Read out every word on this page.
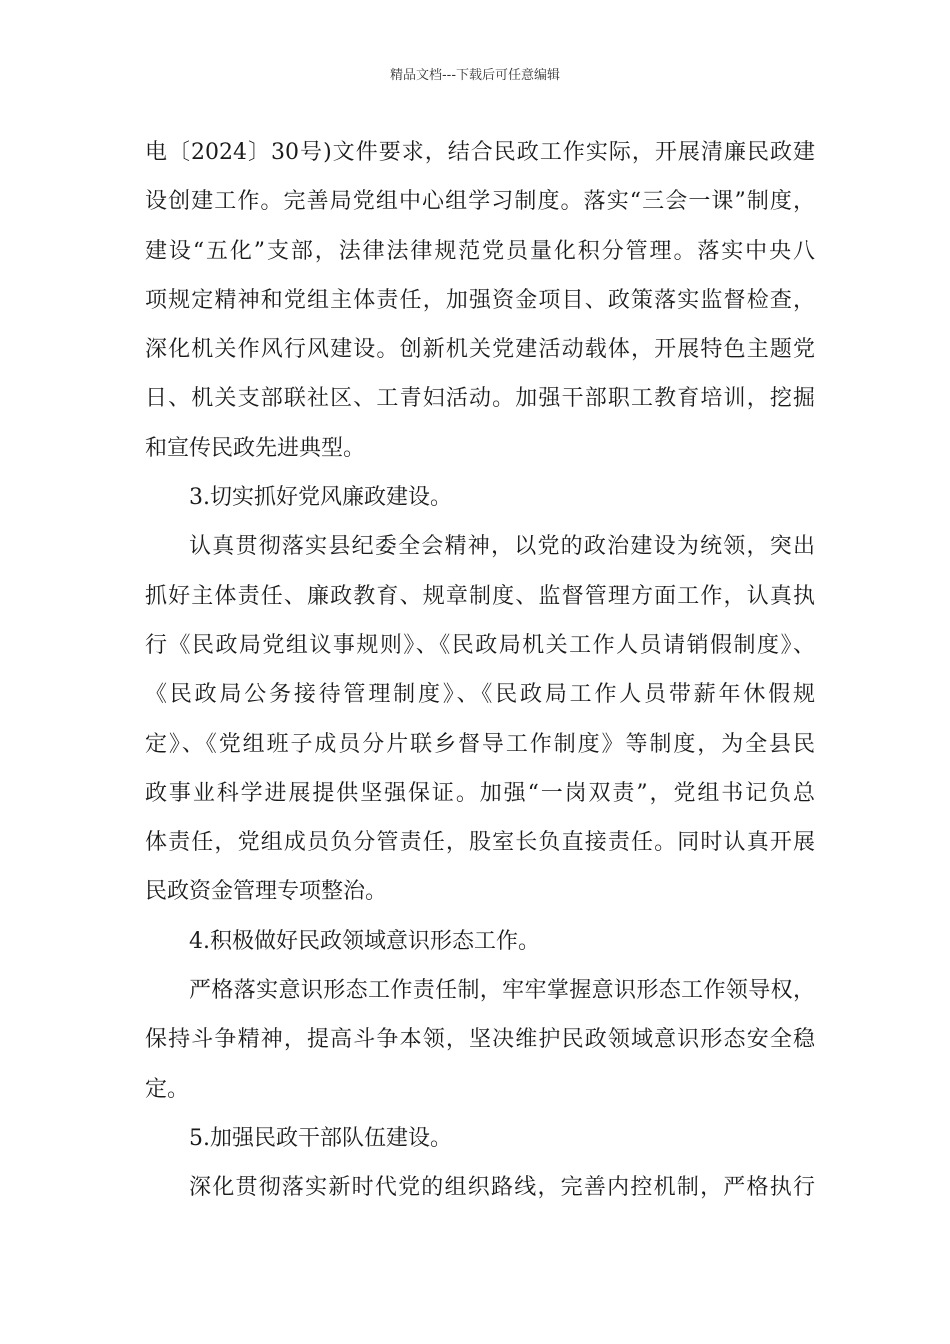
精品文档---下载后可任意编辑
电〔2024〕30号)文件要求，结合民政工作实际，开展清廉民政建
设创建工作。完善局党组中心组学习制度。落实“三会一课”制度，
建设“五化”支部，法律法律规范党员量化积分管理。落实中央八
项规定精神和党组主体责任，加强资金项目、政策落实监督检查，
深化机关作风行风建设。创新机关党建活动载体，开展特色主题党
日、机关支部联社区、工青妇活动。加强干部职工教育培训，挖掘
和宣传民政先进典型。
3.切实抓好党风廉政建设。
认真贯彻落实县纪委全会精神，以党的政治建设为统领，突出
抓好主体责任、廉政教育、规章制度、监督管理方面工作，认真执
行《民政局党组议事规则》、《民政局机关工作人员请销假制度》、
《民政局公务接待管理制度》、《民政局工作人员带薪年休假规
定》、《党组班子成员分片联乡督导工作制度》等制度，为全县民
政事业科学进展提供坚强保证。加强“一岗双责”，党组书记负总
体责任，党组成员负分管责任，股室长负直接责任。同时认真开展
民政资金管理专项整治。
4.积极做好民政领域意识形态工作。
严格落实意识形态工作责任制，牢牢掌握意识形态工作领导权，
保持斗争精神，提高斗争本领，坚决维护民政领域意识形态安全稳
定。
5.加强民政干部队伍建设。
深化贯彻落实新时代党的组织路线，完善内控机制，严格执行
